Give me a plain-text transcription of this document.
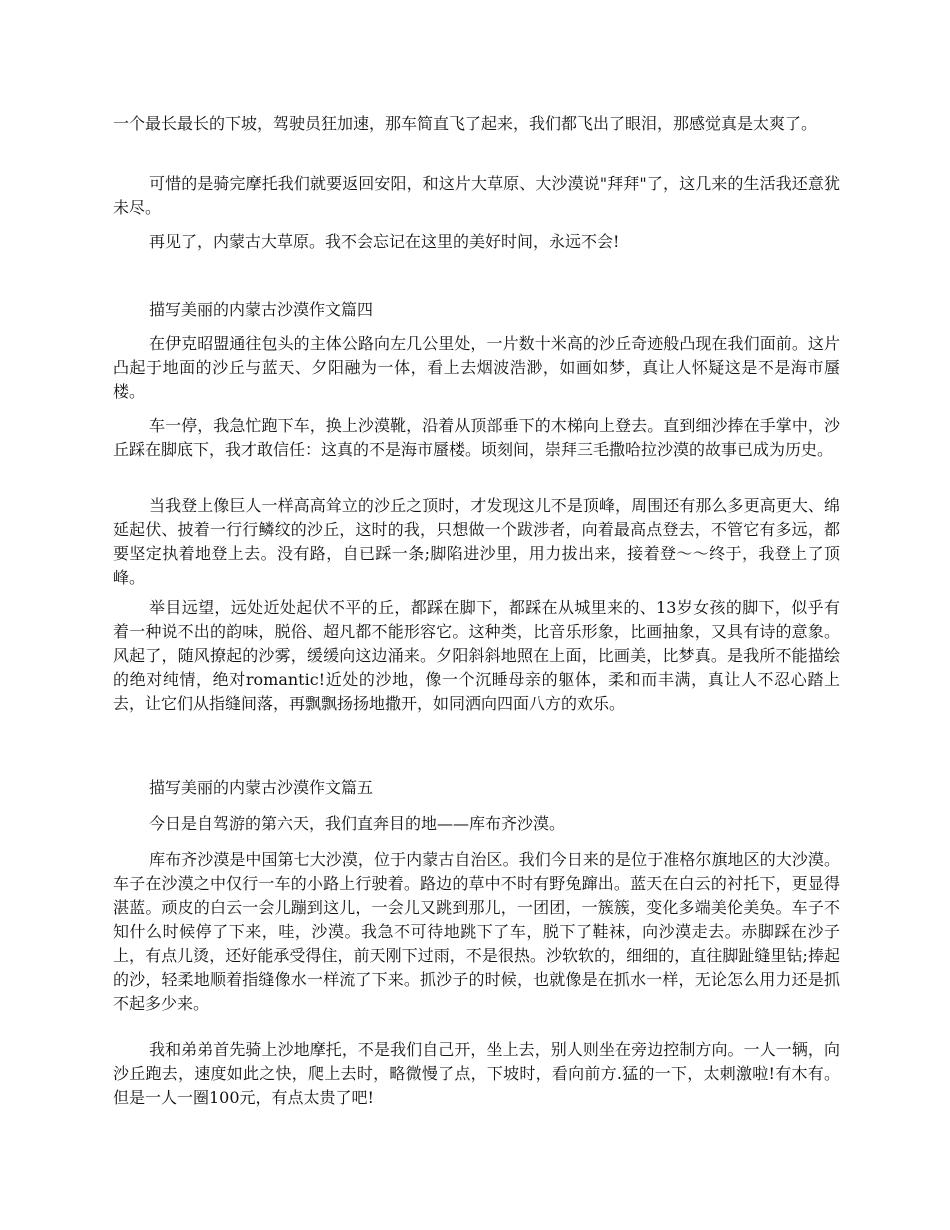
一个最长最长的下坡，驾驶员狂加速，那车简直飞了起来，我们都飞出了眼泪，那感觉真是太爽了。

可惜的是骑完摩托我们就要返回安阳，和这片大草原、大沙漠说"拜拜"了，这几来的生活我还意犹未尽。

再见了，内蒙古大草原。我不会忘记在这里的美好时间，永远不会!

描写美丽的内蒙古沙漠作文篇四

在伊克昭盟通往包头的主体公路向左几公里处，一片数十米高的沙丘奇迹般凸现在我们面前。这片凸起于地面的沙丘与蓝天、夕阳融为一体，看上去烟波浩渺，如画如梦，真让人怀疑这是不是海市蜃楼。

车一停，我急忙跑下车，换上沙漠靴，沿着从顶部垂下的木梯向上登去。直到细沙捧在手掌中，沙丘踩在脚底下，我才敢信任：这真的不是海市蜃楼。顷刻间，崇拜三毛撒哈拉沙漠的故事已成为历史。

当我登上像巨人一样高高耸立的沙丘之顶时，才发现这儿不是顶峰，周围还有那么多更高更大、绵延起伏、披着一行行鳞纹的沙丘，这时的我，只想做一个跋涉者，向着最高点登去，不管它有多远，都要坚定执着地登上去。没有路，自已踩一条;脚陷进沙里，用力拔出来，接着登～～终于，我登上了顶峰。

举目远望，远处近处起伏不平的丘，都踩在脚下，都踩在从城里来的、13岁女孩的脚下，似乎有着一种说不出的韵味，脱俗、超凡都不能形容它。这种类，比音乐形象，比画抽象，又具有诗的意象。风起了，随风撩起的沙雾，缓缓向这边涌来。夕阳斜斜地照在上面，比画美，比梦真。是我所不能描绘的绝对纯情，绝对romantic!近处的沙地，像一个沉睡母亲的躯体，柔和而丰满，真让人不忍心踏上去，让它们从指缝间落，再飘飘扬扬地撒开，如同洒向四面八方的欢乐。

描写美丽的内蒙古沙漠作文篇五

今日是自驾游的第六天，我们直奔目的地——库布齐沙漠。

库布齐沙漠是中国第七大沙漠，位于内蒙古自治区。我们今日来的是位于准格尔旗地区的大沙漠。车子在沙漠之中仅行一车的小路上行驶着。路边的草中不时有野兔蹿出。蓝天在白云的衬托下，更显得湛蓝。顽皮的白云一会儿蹦到这儿，一会儿又跳到那儿，一团团，一簇簇，变化多端美伦美奂。车子不知什么时候停了下来，哇，沙漠。我急不可待地跳下了车，脱下了鞋袜，向沙漠走去。赤脚踩在沙子上，有点儿烫，还好能承受得住，前天刚下过雨，不是很热。沙软软的，细细的，直往脚趾缝里钻;捧起的沙，轻柔地顺着指缝像水一样流了下来。抓沙子的时候，也就像是在抓水一样，无论怎么用力还是抓不起多少来。

我和弟弟首先骑上沙地摩托，不是我们自己开，坐上去，别人则坐在旁边控制方向。一人一辆，向沙丘跑去，速度如此之快，爬上去时，略微慢了点，下坡时，看向前方.猛的一下，太刺激啦!有木有。但是一人一圈100元，有点太贵了吧!
